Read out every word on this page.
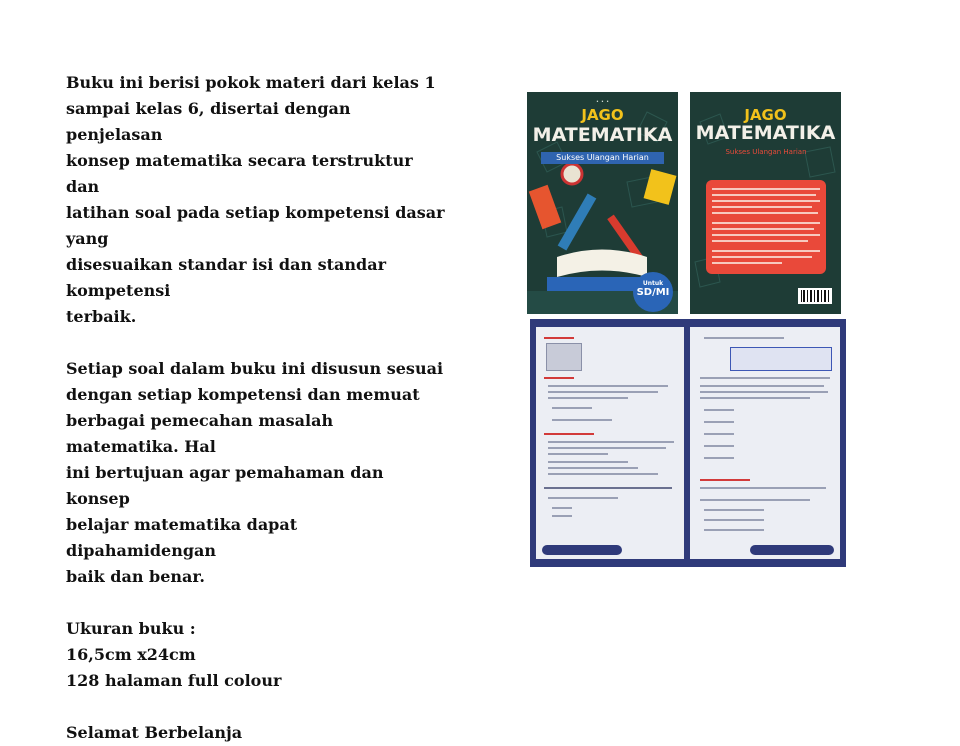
Buku ini berisi pokok materi dari kelas 1
sampai kelas 6, disertai dengan penjelasan
konsep matematika secara terstruktur dan
latihan soal pada setiap kompetensi dasar yang
disesuaikan standar isi dan standar kompetensi
terbaik.

Setiap soal dalam buku ini disusun sesuai
dengan setiap kompetensi dan memuat
berbagai pemecahan masalah matematika. Hal
ini bertujuan agar pemahaman dan konsep
belajar matematika dapat dipahamidengan
baik dan benar.

Ukuran buku :
16,5cm x24cm
128 halaman full colour

Selamat Berbelanja

· · ·
JAGO
MATEMATIKA
Sukses Ulangan Harian
Untuk
SD/MI
JAGO
MATEMATIKA
Sukses Ulangan Harian
